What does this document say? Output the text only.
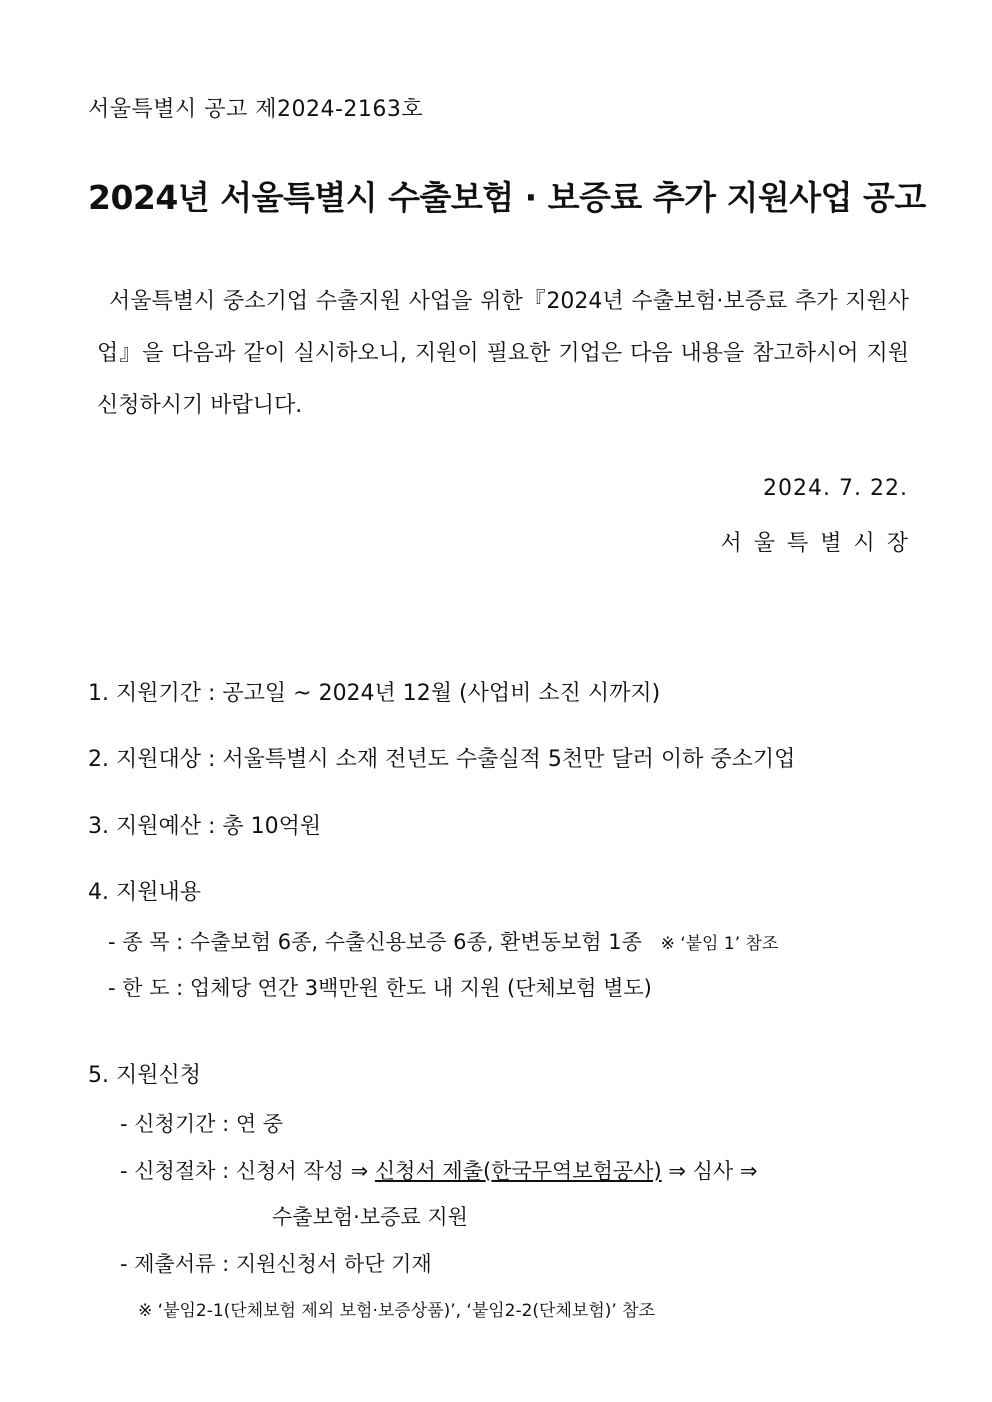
서울특별시 공고 제2024-2163호
2024년 서울특별시 수출보험 · 보증료 추가 지원사업 공고
서울특별시 중소기업 수출지원 사업을 위한『2024년 수출보험·보증료 추가 지원사업』을 다음과 같이 실시하오니, 지원이 필요한 기업은 다음 내용을 참고하시어 지원 신청하시기 바랍니다.
2024. 7. 22.
서울특별시장
1. 지원기간 : 공고일 ~ 2024년 12월 (사업비 소진 시까지)
2. 지원대상 : 서울특별시 소재 전년도 수출실적 5천만 달러 이하 중소기업
3. 지원예산 : 총 10억원
4. 지원내용
- 종 목 : 수출보험 6종, 수출신용보증 6종, 환변동보험 1종 ※ ‘붙임 1’ 참조
- 한 도 : 업체당 연간 3백만원 한도 내 지원 (단체보험 별도)
5. 지원신청
- 신청기간 : 연 중
- 신청절차 : 신청서 작성 ⇒ 신청서 제출(한국무역보험공사) ⇒ 심사 ⇒
수출보험·보증료 지원
- 제출서류 : 지원신청서 하단 기재
※ ‘붙임2-1(단체보험 제외 보험·보증상품)’, ‘붙임2-2(단체보험)’ 참조
